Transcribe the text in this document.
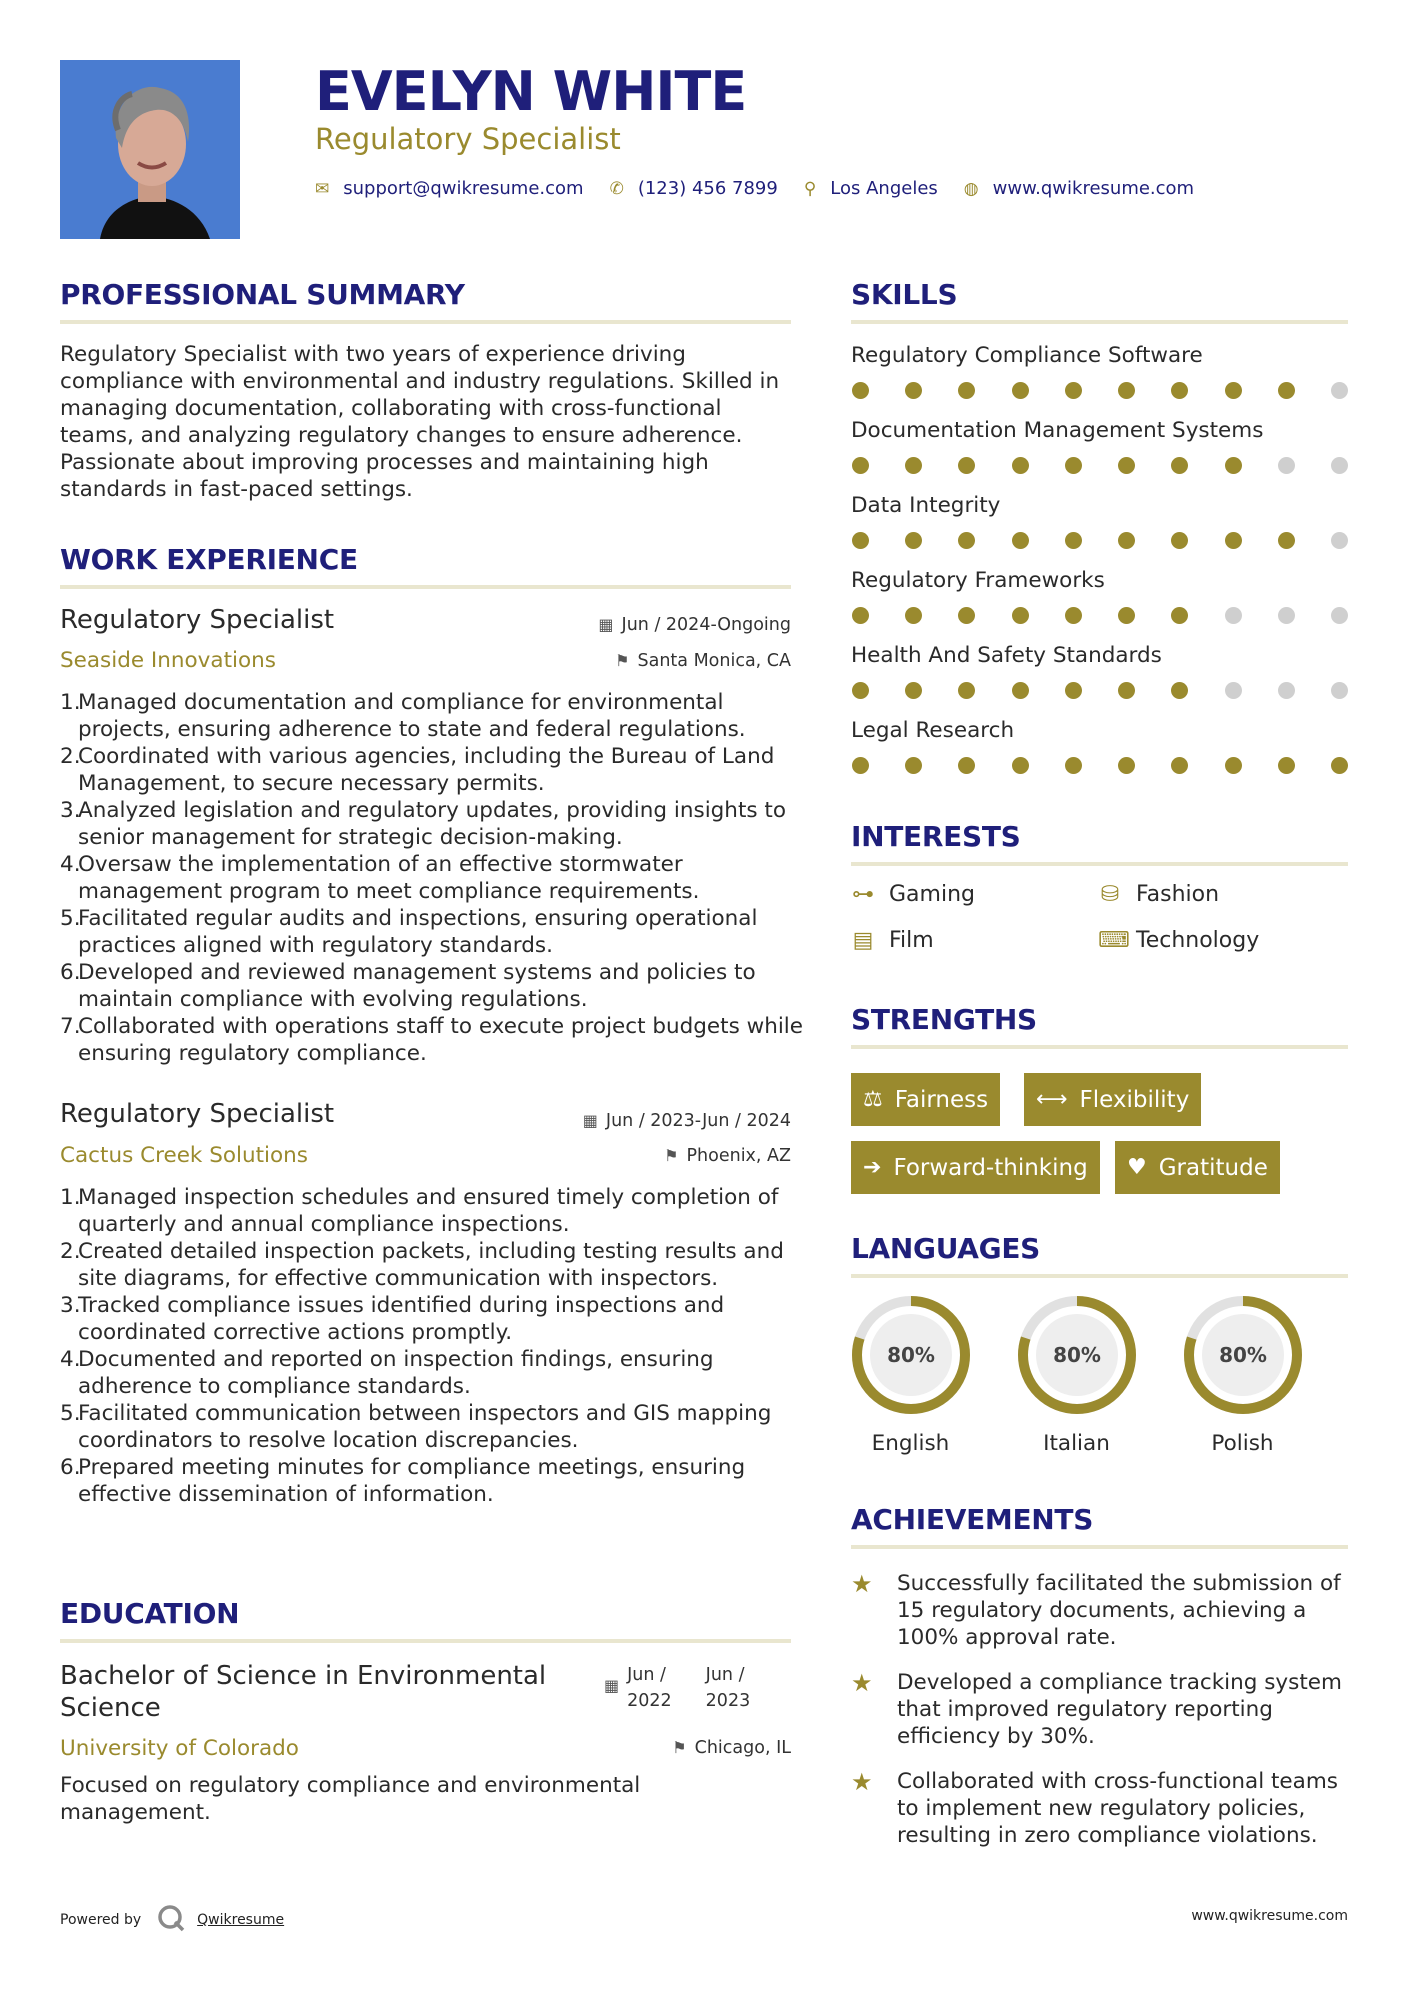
EVELYN WHITE
Regulatory Specialist
✉ support@qwikresume.com ✆ (123) 456 7899 ⚲ Los Angeles ◍ www.qwikresume.com
PROFESSIONAL SUMMARY
Regulatory Specialist with two years of experience driving compliance with environmental and industry regulations. Skilled in managing documentation, collaborating with cross-functional teams, and analyzing regulatory changes to ensure adherence. Passionate about improving processes and maintaining high standards in fast-paced settings.
WORK EXPERIENCE
Regulatory Specialist	▦ Jun / 2024-Ongoing
Seaside Innovations	⚑ Santa Monica, CA
Managed documentation and compliance for environmental projects, ensuring adherence to state and federal regulations.
Coordinated with various agencies, including the Bureau of Land Management, to secure necessary permits.
Analyzed legislation and regulatory updates, providing insights to senior management for strategic decision-making.
Oversaw the implementation of an effective stormwater management program to meet compliance requirements.
Facilitated regular audits and inspections, ensuring operational practices aligned with regulatory standards.
Developed and reviewed management systems and policies to maintain compliance with evolving regulations.
Collaborated with operations staff to execute project budgets while ensuring regulatory compliance.
Regulatory Specialist	▦ Jun / 2023-Jun / 2024
Cactus Creek Solutions	⚑ Phoenix, AZ
Managed inspection schedules and ensured timely completion of quarterly and annual compliance inspections.
Created detailed inspection packets, including testing results and site diagrams, for effective communication with inspectors.
Tracked compliance issues identified during inspections and coordinated corrective actions promptly.
Documented and reported on inspection findings, ensuring adherence to compliance standards.
Facilitated communication between inspectors and GIS mapping coordinators to resolve location discrepancies.
Prepared meeting minutes for compliance meetings, ensuring effective dissemination of information.
EDUCATION
Bachelor of Science in Environmental Science
▦
Jun /
2022
Jun /
2023
University of Colorado	⚑ Chicago, IL
Focused on regulatory compliance and environmental management.
SKILLS
Regulatory Compliance Software
Documentation Management Systems
Data Integrity
Regulatory Frameworks
Health And Safety Standards
Legal Research
INTERESTS
⊶ Gaming	⛁ Fashion
▤ Film	⌨ Technology
STRENGTHS
⚖ Fairness ⟷ Flexibility
➔ Forward-thinking ♥ Gratitude
LANGUAGES
80%
English
80%
Italian
80%
Polish
ACHIEVEMENTS
★	Successfully facilitated the submission of 15 regulatory documents, achieving a 100% approval rate.
★	Developed a compliance tracking system that improved regulatory reporting efficiency by 30%.
★	Collaborated with cross-functional teams to implement new regulatory policies, resulting in zero compliance violations.
Powered by	Qwikresume	www.qwikresume.com
